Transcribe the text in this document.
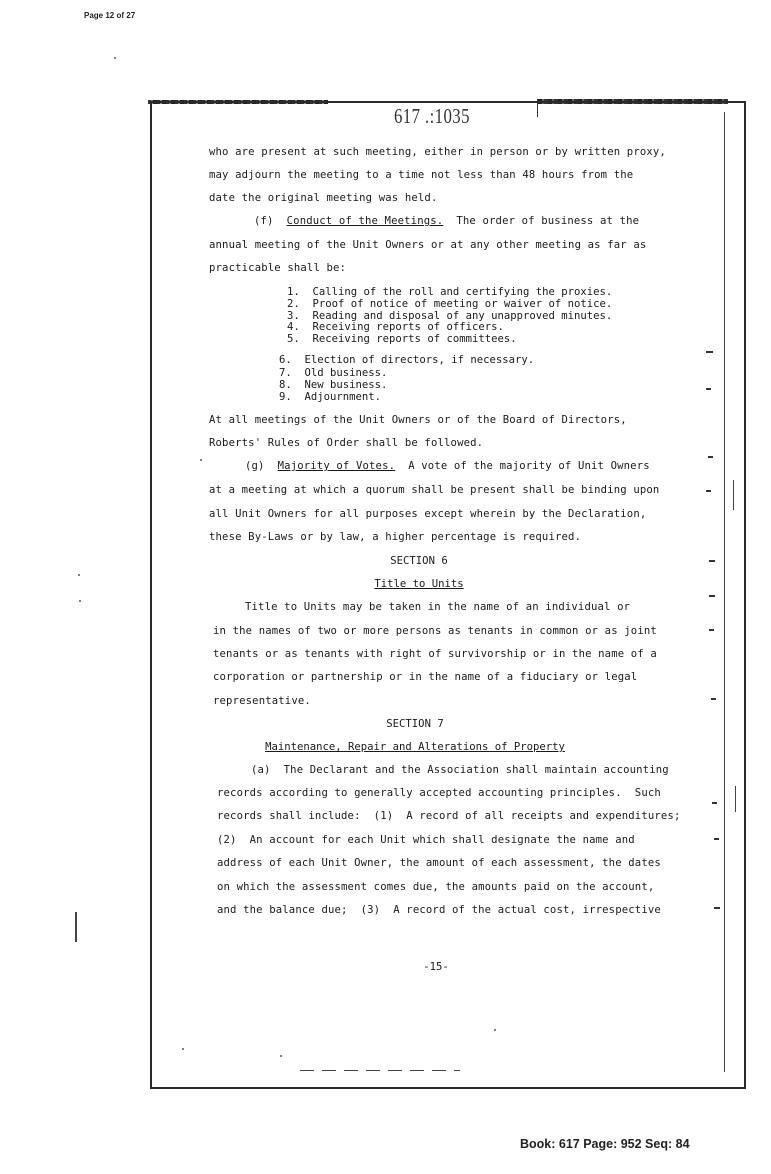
Page 12 of 27
617 .:1035
who are present at such meeting, either in person or by written proxy,
may adjourn the meeting to a time not less than 48 hours from the
date the original meeting was held.
(f)  Conduct of the Meetings.  The order of business at the
annual meeting of the Unit Owners or at any other meeting as far as
practicable shall be:
1.  Calling of the roll and certifying the proxies.
2.  Proof of notice of meeting or waiver of notice.
3.  Reading and disposal of any unapproved minutes.
4.  Receiving reports of officers.
5.  Receiving reports of committees.
6.  Election of directors, if necessary.
7.  Old business.
8.  New business.
9.  Adjournment.
At all meetings of the Unit Owners or of the Board of Directors,
Roberts' Rules of Order shall be followed.
(g)  Majority of Votes.  A vote of the majority of Unit Owners
at a meeting at which a quorum shall be present shall be binding upon
all Unit Owners for all purposes except wherein by the Declaration,
these By-Laws or by law, a higher percentage is required.
SECTION 6
Title to Units
Title to Units may be taken in the name of an individual or
in the names of two or more persons as tenants in common or as joint
tenants or as tenants with right of survivorship or in the name of a
corporation or partnership or in the name of a fiduciary or legal
representative.
SECTION 7
Maintenance, Repair and Alterations of Property
(a)  The Declarant and the Association shall maintain accounting
records according to generally accepted accounting principles.  Such
records shall include:  (1)  A record of all receipts and expenditures;
(2)  An account for each Unit which shall designate the name and
address of each Unit Owner, the amount of each assessment, the dates
on which the assessment comes due, the amounts paid on the account,
and the balance due;  (3)  A record of the actual cost, irrespective
-15-
Book: 617 Page: 952 Seq: 84
